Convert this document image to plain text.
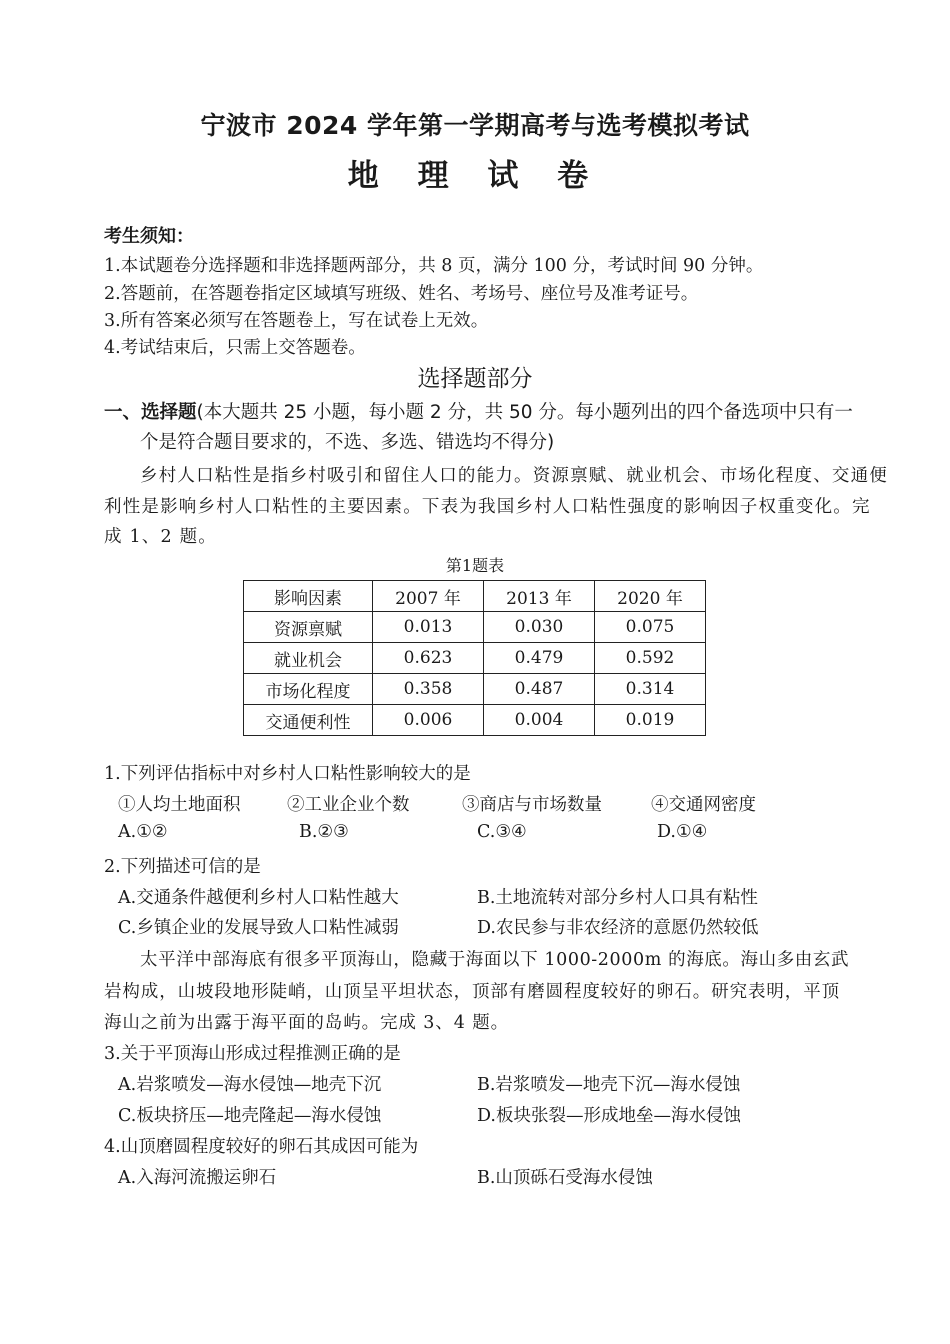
宁波市 2024 学年第一学期高考与选考模拟考试
地 理 试 卷
考生须知：
1.本试题卷分选择题和非选择题两部分，共 8 页，满分 100 分，考试时间 90 分钟。
2.答题前，在答题卷指定区域填写班级、姓名、考场号、座位号及准考证号。
3.所有答案必须写在答题卷上，写在试卷上无效。
4.考试结束后，只需上交答题卷。
选择题部分
一、选择题(本大题共 25 小题，每小题 2 分，共 50 分。每小题列出的四个备选项中只有一
个是符合题目要求的，不选、多选、错选均不得分)
乡村人口粘性是指乡村吸引和留住人口的能力。资源禀赋、就业机会、市场化程度、交通便
利性是影响乡村人口粘性的主要因素。下表为我国乡村人口粘性强度的影响因子权重变化。完
成 1、2 题。
第1题表
影响因素	2007 年	2013 年	2020 年
资源禀赋	0.013	0.030	0.075
就业机会	0.623	0.479	0.592
市场化程度	0.358	0.487	0.314
交通便利性	0.006	0.004	0.019
1.下列评估指标中对乡村人口粘性影响较大的是
①人均土地面积	②工业企业个数	③商店与市场数量	④交通网密度
A.①②	B.②③	C.③④	D.①④
2.下列描述可信的是
A.交通条件越便利乡村人口粘性越大	B.土地流转对部分乡村人口具有粘性
C.乡镇企业的发展导致人口粘性减弱	D.农民参与非农经济的意愿仍然较低
太平洋中部海底有很多平顶海山，隐藏于海面以下 1000-2000m 的海底。海山多由玄武
岩构成，山坡段地形陡峭，山顶呈平坦状态，顶部有磨圆程度较好的卵石。研究表明，平顶
海山之前为出露于海平面的岛屿。完成 3、4 题。
3.关于平顶海山形成过程推测正确的是
A.岩浆喷发—海水侵蚀—地壳下沉	B.岩浆喷发—地壳下沉—海水侵蚀
C.板块挤压—地壳隆起—海水侵蚀	D.板块张裂—形成地垒—海水侵蚀
4.山顶磨圆程度较好的卵石其成因可能为
A.入海河流搬运卵石	B.山顶砾石受海水侵蚀
